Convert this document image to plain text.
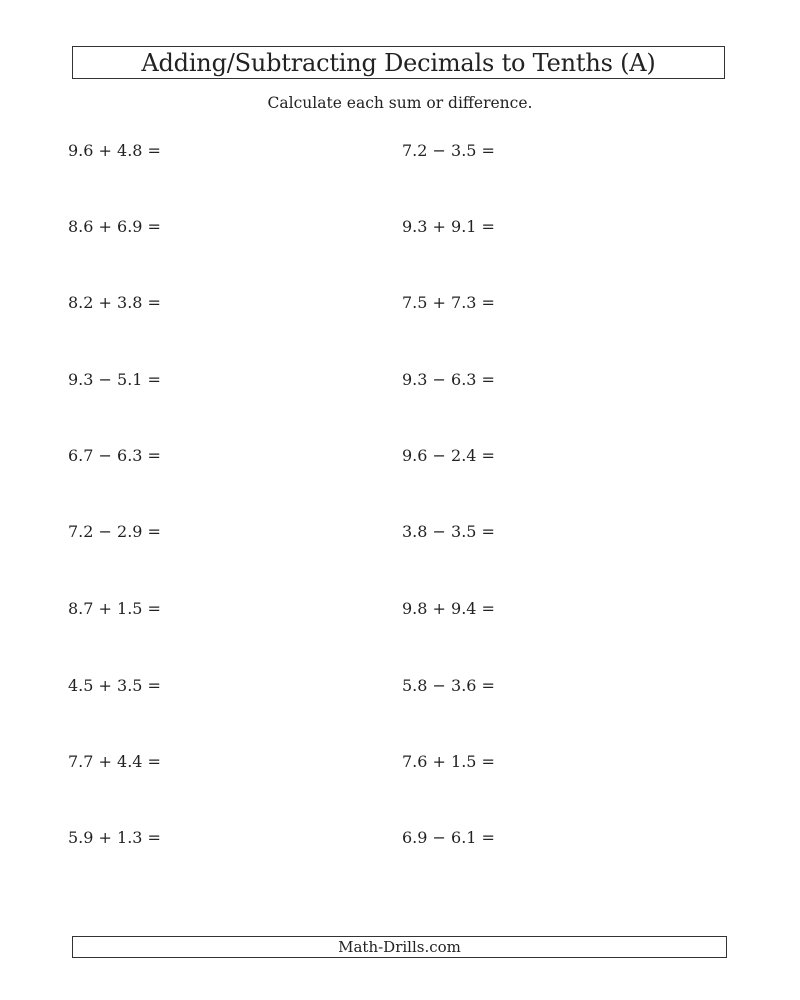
Adding/Subtracting Decimals to Tenths (A)
Calculate each sum or difference.
9.6 + 4.8 =	7.2 − 3.5 =
8.6 + 6.9 =	9.3 + 9.1 =
8.2 + 3.8 =	7.5 + 7.3 =
9.3 − 5.1 =	9.3 − 6.3 =
6.7 − 6.3 =	9.6 − 2.4 =
7.2 − 2.9 =	3.8 − 3.5 =
8.7 + 1.5 =	9.8 + 9.4 =
4.5 + 3.5 =	5.8 − 3.6 =
7.7 + 4.4 =	7.6 + 1.5 =
5.9 + 1.3 =	6.9 − 6.1 =
Math-Drills.com
